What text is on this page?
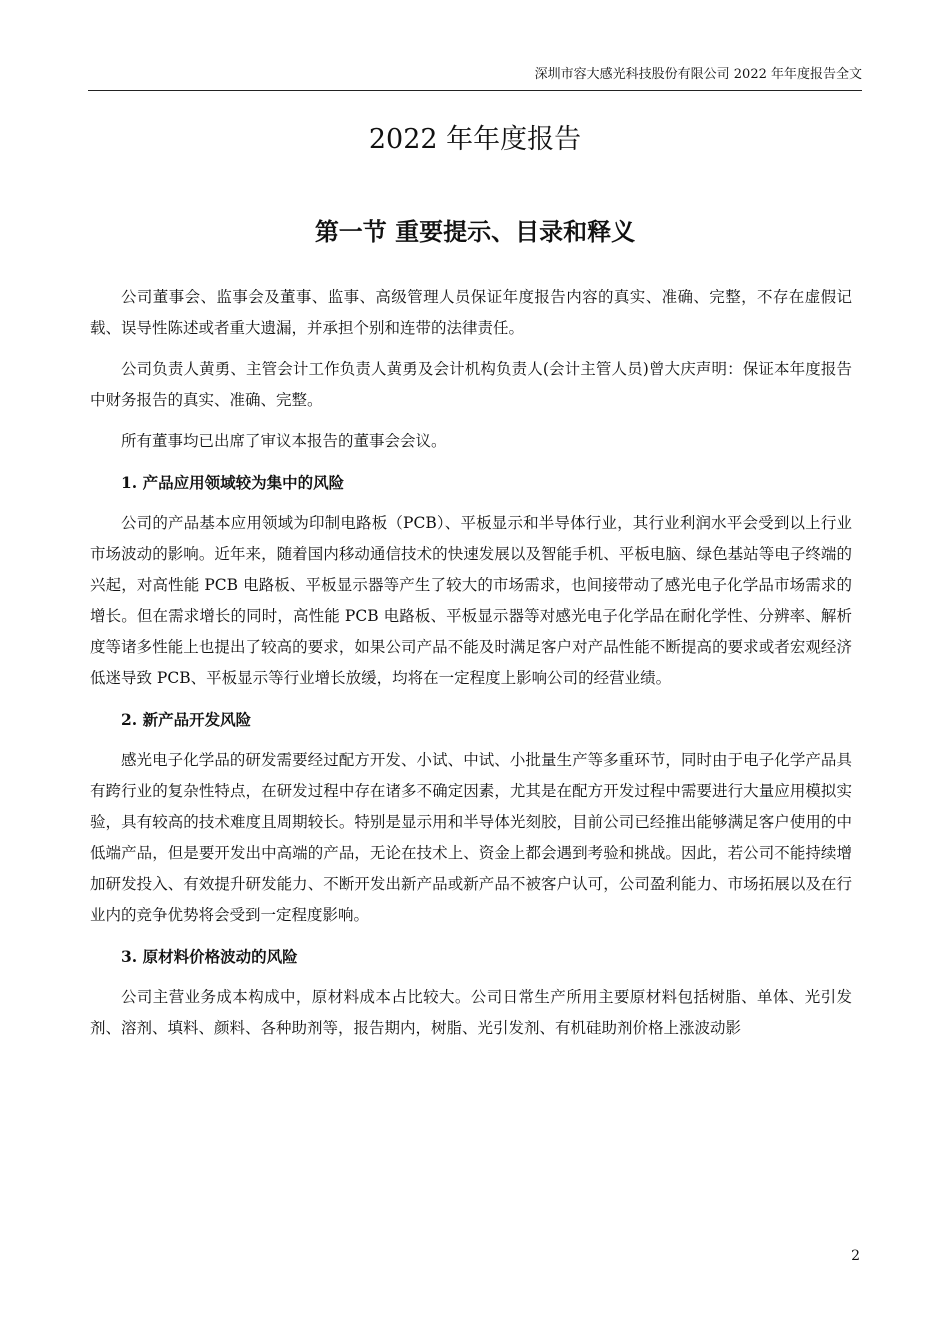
深圳市容大感光科技股份有限公司 2022 年年度报告全文
2022 年年度报告
第一节 重要提示、目录和释义

公司董事会、监事会及董事、监事、高级管理人员保证年度报告内容的真实、准确、完整，不存在虚假记载、误导性陈述或者重大遗漏，并承担个别和连带的法律责任。

公司负责人黄勇、主管会计工作负责人黄勇及会计机构负责人(会计主管人员)曾大庆声明：保证本年度报告中财务报告的真实、准确、完整。

所有董事均已出席了审议本报告的董事会会议。

1. 产品应用领域较为集中的风险

公司的产品基本应用领域为印制电路板（PCB）、平板显示和半导体行业，其行业利润水平会受到以上行业市场波动的影响。近年来，随着国内移动通信技术的快速发展以及智能手机、平板电脑、绿色基站等电子终端的兴起，对高性能 PCB 电路板、平板显示器等产生了较大的市场需求，也间接带动了感光电子化学品市场需求的增长。但在需求增长的同时，高性能 PCB 电路板、平板显示器等对感光电子化学品在耐化学性、分辨率、解析度等诸多性能上也提出了较高的要求，如果公司产品不能及时满足客户对产品性能不断提高的要求或者宏观经济低迷导致 PCB、平板显示等行业增长放缓，均将在一定程度上影响公司的经营业绩。

2. 新产品开发风险

感光电子化学品的研发需要经过配方开发、小试、中试、小批量生产等多重环节，同时由于电子化学产品具有跨行业的复杂性特点，在研发过程中存在诸多不确定因素，尤其是在配方开发过程中需要进行大量应用模拟实验，具有较高的技术难度且周期较长。特别是显示用和半导体光刻胶，目前公司已经推出能够满足客户使用的中低端产品，但是要开发出中高端的产品，无论在技术上、资金上都会遇到考验和挑战。因此，若公司不能持续增加研发投入、有效提升研发能力、不断开发出新产品或新产品不被客户认可，公司盈利能力、市场拓展以及在行业内的竞争优势将会受到一定程度影响。

3. 原材料价格波动的风险

公司主营业务成本构成中，原材料成本占比较大。公司日常生产所用主要原材料包括树脂、单体、光引发剂、溶剂、填料、颜料、各种助剂等，报告期内，树脂、光引发剂、有机硅助剂价格上涨波动影

2
